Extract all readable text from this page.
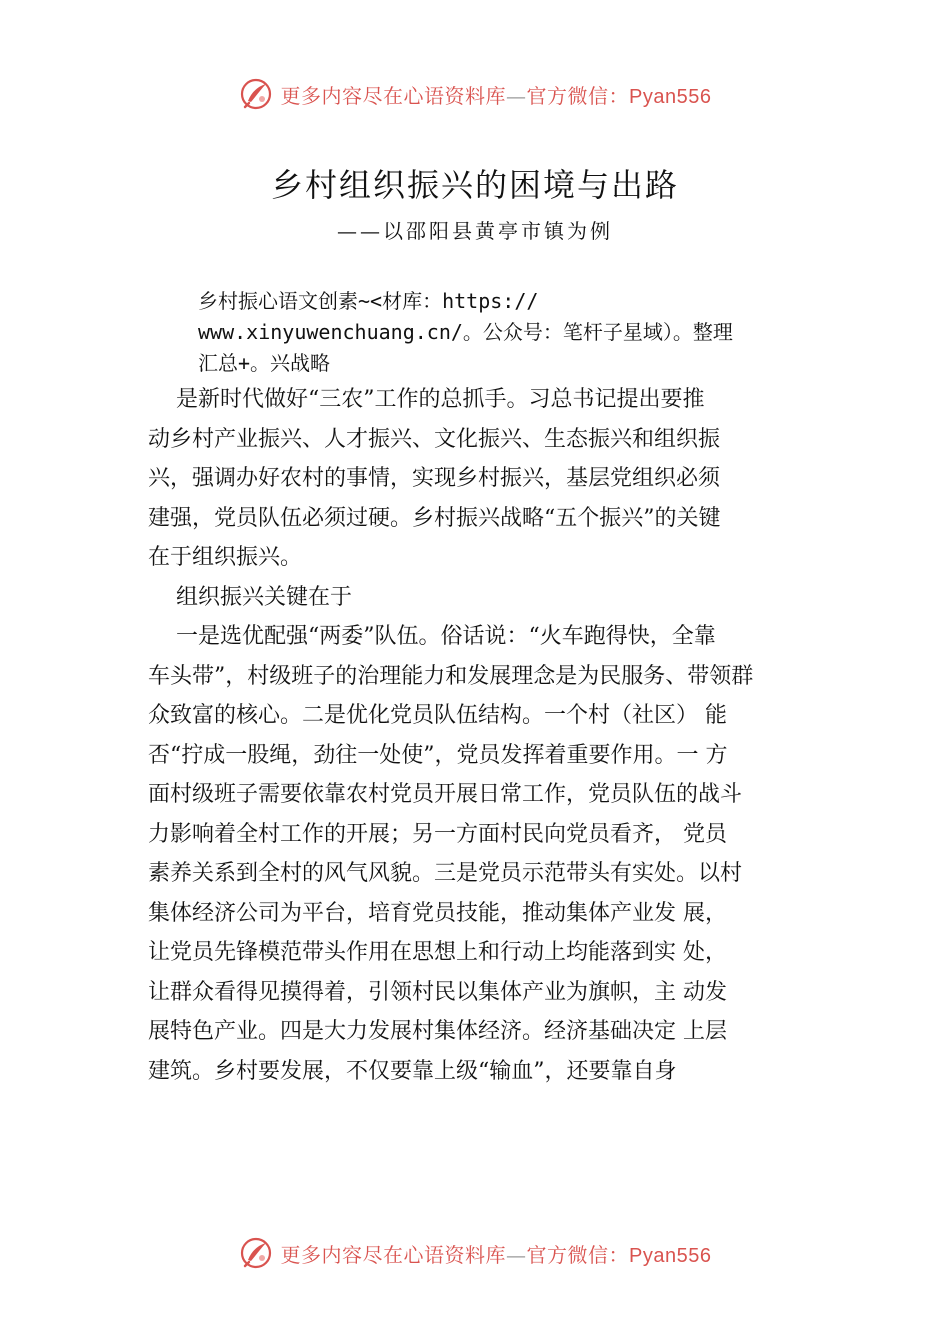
更多内容尽在心语资料库—官方微信：Pyan556
乡村组织振兴的困境与出路
——以邵阳县黄亭市镇为例
乡村振心语文创素~<材库：https://
www.xinyuwenchuang.cn/。公众号：笔杆子星域）。整理
汇总+。兴战略
是新时代做好“三农”工作的总抓手。习总书记提出要推
动乡村产业振兴、人才振兴、文化振兴、生态振兴和组织振
兴，强调办好农村的事情，实现乡村振兴，基层党组织必须
建强，党员队伍必须过硬。乡村振兴战略“五个振兴”的关键
在于组织振兴。
组织振兴关键在于
一是选优配强“两委”队伍。俗话说：“火车跑得快，全靠
车头带”，村级班子的治理能力和发展理念是为民服务、带领群
众致富的核心。二是优化党员队伍结构。一个村（社区） 能
否“拧成一股绳，劲往一处使”，党员发挥着重要作用。一 方
面村级班子需要依靠农村党员开展日常工作，党员队伍的战斗
力影响着全村工作的开展；另一方面村民向党员看齐， 党员
素养关系到全村的风气风貌。三是党员示范带头有实处。以村
集体经济公司为平台，培育党员技能，推动集体产业发 展，
让党员先锋模范带头作用在思想上和行动上均能落到实 处，
让群众看得见摸得着，引领村民以集体产业为旗帜，主 动发
展特色产业。四是大力发展村集体经济。经济基础决定 上层
建筑。乡村要发展，不仅要靠上级“输血”，还要靠自身
更多内容尽在心语资料库—官方微信：Pyan556
